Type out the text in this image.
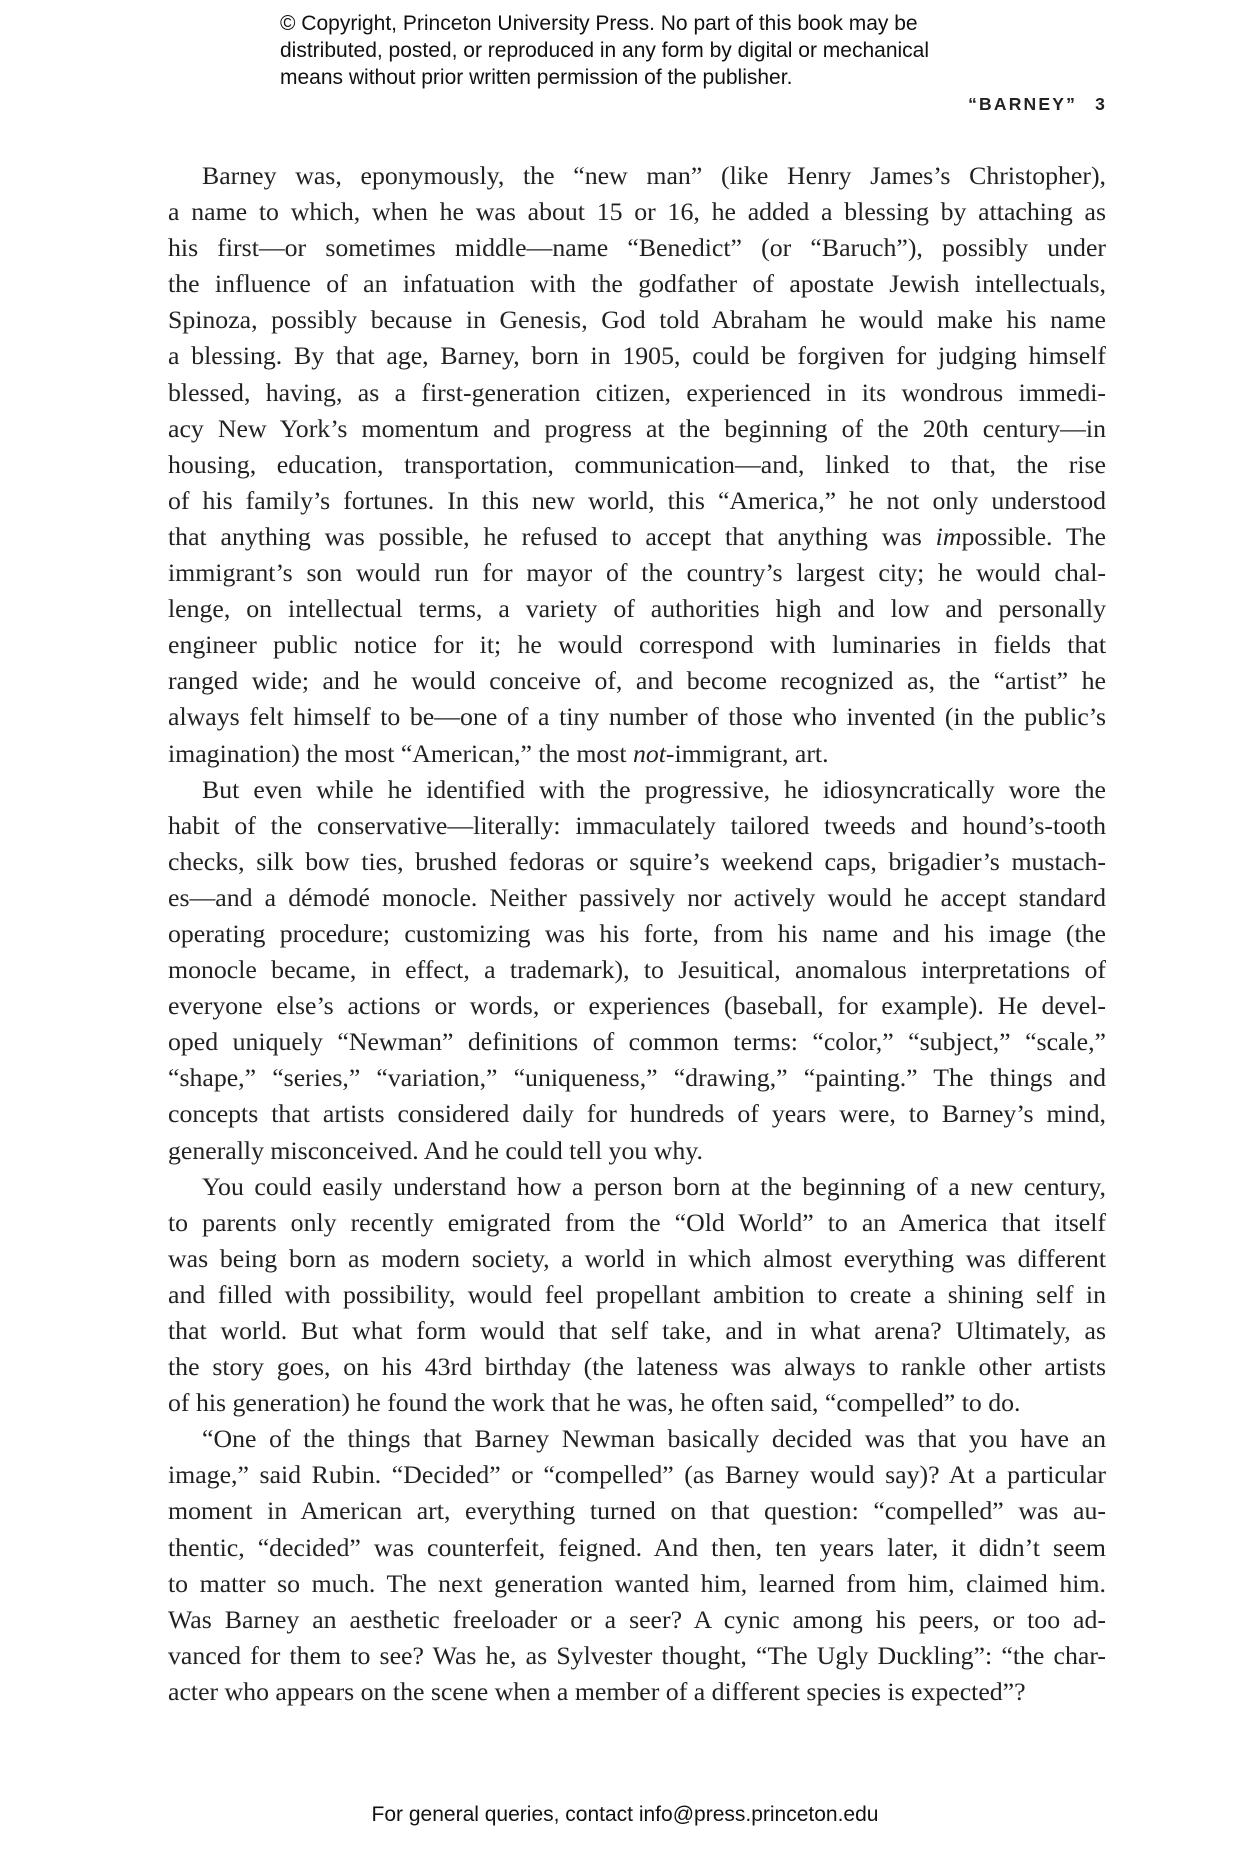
© Copyright, Princeton University Press. No part of this book may be

distributed, posted, or reproduced in any form by digital or mechanical

means without prior written permission of the publisher.

“BARNEY” 3
Barney was, eponymously, the “new man” (like Henry James’s Christopher),
a name to which, when he was about 15 or 16, he added a blessing by attaching as
his first—or sometimes middle—name “Benedict” (or “Baruch”), possibly under
the influence of an infatuation with the godfather of apostate Jewish intellectuals,
Spinoza, possibly because in Genesis, God told Abraham he would make his name
a blessing. By that age, Barney, born in 1905, could be forgiven for judging himself
blessed, having, as a first-generation citizen, experienced in its wondrous immedi-
acy New York’s momentum and progress at the beginning of the 20th century—in
housing, education, transportation, communication—and, linked to that, the rise
of his family’s fortunes. In this new world, this “America,” he not only understood
that anything was possible, he refused to accept that anything was impossible. The
immigrant’s son would run for mayor of the country’s largest city; he would chal-
lenge, on intellectual terms, a variety of authorities high and low and personally
engineer public notice for it; he would correspond with luminaries in fields that
ranged wide; and he would conceive of, and become recognized as, the “artist” he
always felt himself to be—one of a tiny number of those who invented (in the public’s
imagination) the most “American,” the most not-immigrant, art.
But even while he identified with the progressive, he idiosyncratically wore the
habit of the conservative—literally: immaculately tailored tweeds and hound’s-tooth
checks, silk bow ties, brushed fedoras or squire’s weekend caps, brigadier’s mustach-
es—and a démodé monocle. Neither passively nor actively would he accept standard
operating procedure; customizing was his forte, from his name and his image (the
monocle became, in effect, a trademark), to Jesuitical, anomalous interpretations of
everyone else’s actions or words, or experiences (baseball, for example). He devel-
oped uniquely “Newman” definitions of common terms: “color,” “subject,” “scale,”
“shape,” “series,” “variation,” “uniqueness,” “drawing,” “painting.” The things and
concepts that artists considered daily for hundreds of years were, to Barney’s mind,
generally misconceived. And he could tell you why.
You could easily understand how a person born at the beginning of a new century,
to parents only recently emigrated from the “Old World” to an America that itself
was being born as modern society, a world in which almost everything was different
and filled with possibility, would feel propellant ambition to create a shining self in
that world. But what form would that self take, and in what arena? Ultimately, as
the story goes, on his 43rd birthday (the lateness was always to rankle other artists
of his generation) he found the work that he was, he often said, “compelled” to do.
“One of the things that Barney Newman basically decided was that you have an
image,” said Rubin. “Decided” or “compelled” (as Barney would say)? At a particular
moment in American art, everything turned on that question: “compelled” was au-
thentic, “decided” was counterfeit, feigned. And then, ten years later, it didn’t seem
to matter so much. The next generation wanted him, learned from him, claimed him.
Was Barney an aesthetic freeloader or a seer? A cynic among his peers, or too ad-
vanced for them to see? Was he, as Sylvester thought, “The Ugly Duckling”: “the char-
acter who appears on the scene when a member of a different species is expected”?
For general queries, contact info@press.princeton.edu
